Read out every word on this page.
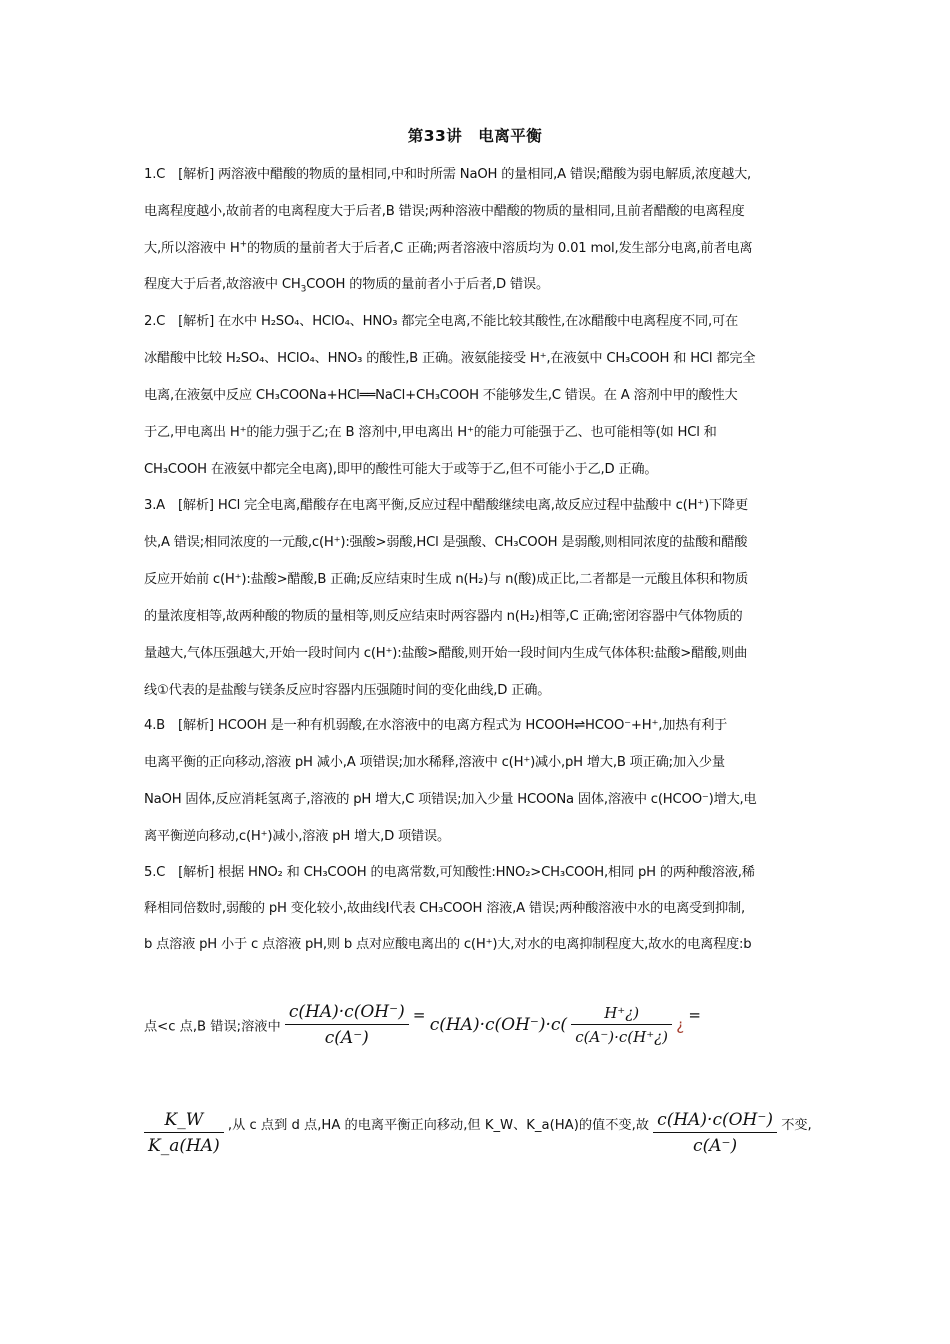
第33讲　电离平衡
1.C　[解析] 两溶液中醋酸的物质的量相同,中和时所需 NaOH 的量相同,A 错误;醋酸为弱电解质,浓度越大,
电离程度越小,故前者的电离程度大于后者,B 错误;两种溶液中醋酸的物质的量相同,且前者醋酸的电离程度
大,所以溶液中 H+的物质的量前者大于后者,C 正确;两者溶液中溶质均为 0.01 mol,发生部分电离,前者电离
程度大于后者,故溶液中 $CH_3COOH$ 的物质的量前者小于后者,D 错误。
2.C　[解析] 在水中 H₂SO₄、HClO₄、HNO₃ 都完全电离,不能比较其酸性,在冰醋酸中电离程度不同,可在
冰醋酸中比较 H₂SO₄、HClO₄、HNO₃ 的酸性,B 正确。液氨能接受 H⁺,在液氨中 CH₃COOH 和 HCl 都完全
电离,在液氨中反应 CH₃COONa+HCl══NaCl+CH₃COOH 不能够发生,C 错误。在 A 溶剂中甲的酸性大
于乙,甲电离出 H⁺的能力强于乙;在 B 溶剂中,甲电离出 H⁺的能力可能强于乙、也可能相等(如 HCl 和
CH₃COOH 在液氨中都完全电离),即甲的酸性可能大于或等于乙,但不可能小于乙,D 正确。
3.A　[解析] HCl 完全电离,醋酸存在电离平衡,反应过程中醋酸继续电离,故反应过程中盐酸中 c(H⁺)下降更
快,A 错误;相同浓度的一元酸,c(H⁺):强酸>弱酸,HCl 是强酸、CH₃COOH 是弱酸,则相同浓度的盐酸和醋酸
反应开始前 c(H⁺):盐酸>醋酸,B 正确;反应结束时生成 n(H₂)与 n(酸)成正比,二者都是一元酸且体积和物质
的量浓度相等,故两种酸的物质的量相等,则反应结束时两容器内 n(H₂)相等,C 正确;密闭容器中气体物质的
量越大,气体压强越大,开始一段时间内 c(H⁺):盐酸>醋酸,则开始一段时间内生成气体体积:盐酸>醋酸,则曲
线①代表的是盐酸与镁条反应时容器内压强随时间的变化曲线,D 正确。
4.B　[解析] HCOOH 是一种有机弱酸,在水溶液中的电离方程式为 HCOOH⇌HCOO⁻+H⁺,加热有利于
电离平衡的正向移动,溶液 pH 减小,A 项错误;加水稀释,溶液中 c(H⁺)减小,pH 增大,B 项正确;加入少量
NaOH 固体,反应消耗氢离子,溶液的 pH 增大,C 项错误;加入少量 HCOONa 固体,溶液中 c(HCOO⁻)增大,电
离平衡逆向移动,c(H⁺)减小,溶液 pH 增大,D 项错误。
5.C　[解析] 根据 HNO₂ 和 CH₃COOH 的电离常数,可知酸性:HNO₂>CH₃COOH,相同 pH 的两种酸溶液,稀
释相同倍数时,弱酸的 pH 变化较小,故曲线Ⅰ代表 CH₃COOH 溶液,A 错误;两种酸溶液中水的电离受到抑制,
b 点溶液 pH 小于 c 点溶液 pH,则 b 点对应酸电离出的 c(H⁺)大,对水的电离抑制程度大,故水的电离程度:b
点<c 点,B 错误;溶液中 $\frac{c(HA)\cdot c(OH^-)}{c(A^-)} = c(HA)\cdot c(OH^-)\cdot c( \frac{H^+¿)}{c(A^-)\cdot c(H^+¿)}$ ¿ =
$\frac{K\_W}{K\_a(HA)}$ ,从 c 点到 d 点,HA 的电离平衡正向移动,但 K_W、K_a(HA)的值不变,故 $\frac{c(HA)\cdot c(OH^-)}{c(A^-)}$ 不变,
